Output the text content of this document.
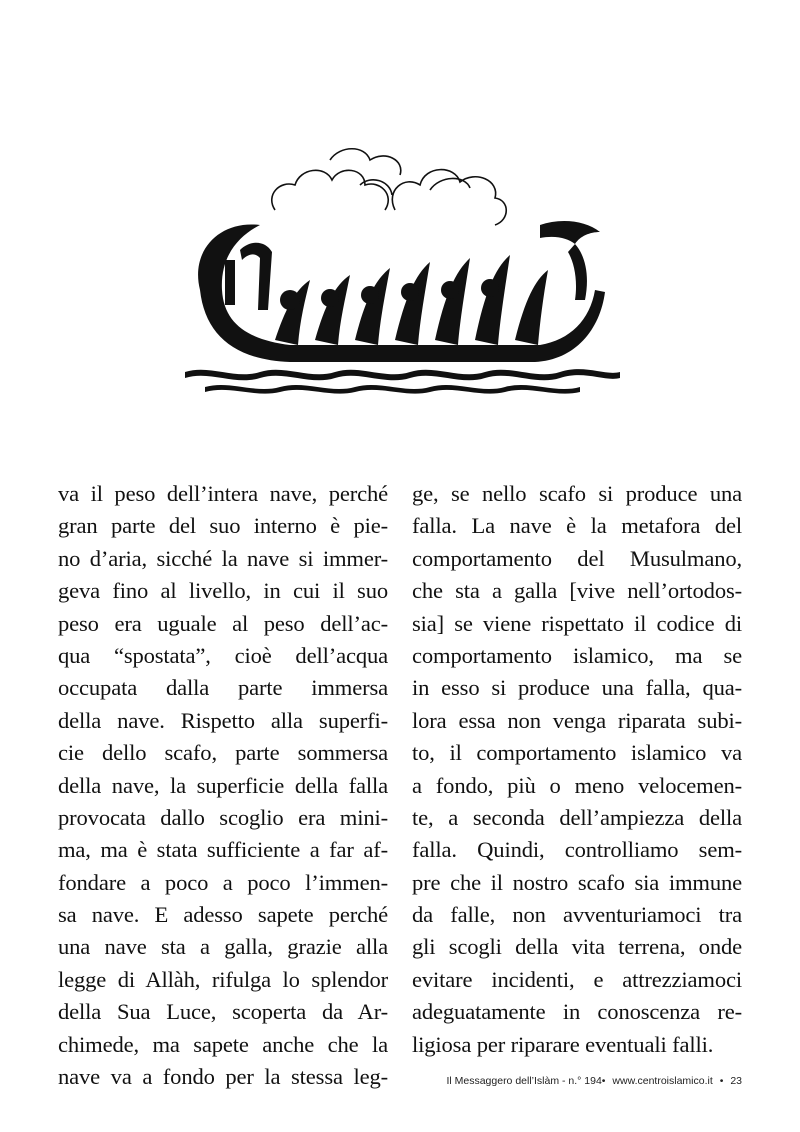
va il peso dell’intera nave, perché
gran parte del suo interno è pie-
no d’aria, sicché la nave si immer-
geva fino al livello, in cui il suo
peso era uguale al peso dell’ac-
qua “spostata”, cioè dell’acqua
occupata dalla parte immersa
della nave. Rispetto alla superfi-
cie dello scafo, parte sommersa
della nave, la superficie della falla
provocata dallo scoglio era mini-
ma, ma è stata sufficiente a far af-
fondare a poco a poco l’immen-
sa nave. E adesso sapete perché
una nave sta a galla, grazie alla
legge di Allàh, rifulga lo splendor
della Sua Luce, scoperta da Ar-
chimede, ma sapete anche che la
nave va a fondo per la stessa leg-
ge, se nello scafo si produce una
falla. La nave è la metafora del
comportamento del Musulmano,
che sta a galla [vive nell’ortodos-
sia] se viene rispettato il codice di
comportamento islamico, ma se
in esso si produce una falla, qua-
lora essa non venga riparata subi-
to, il comportamento islamico va
a fondo, più o meno velocemen-
te, a seconda dell’ampiezza della
falla. Quindi, controlliamo sem-
pre che il nostro scafo sia immune
da falle, non avventuriamoci tra
gli scogli della vita terrena, onde
evitare incidenti, e attrezziamoci
adeguatamente in conoscenza re-
ligiosa per riparare eventuali falli.
Il Messaggero dell’Islàm - n.° 194• www.centroislamico.it • 23
